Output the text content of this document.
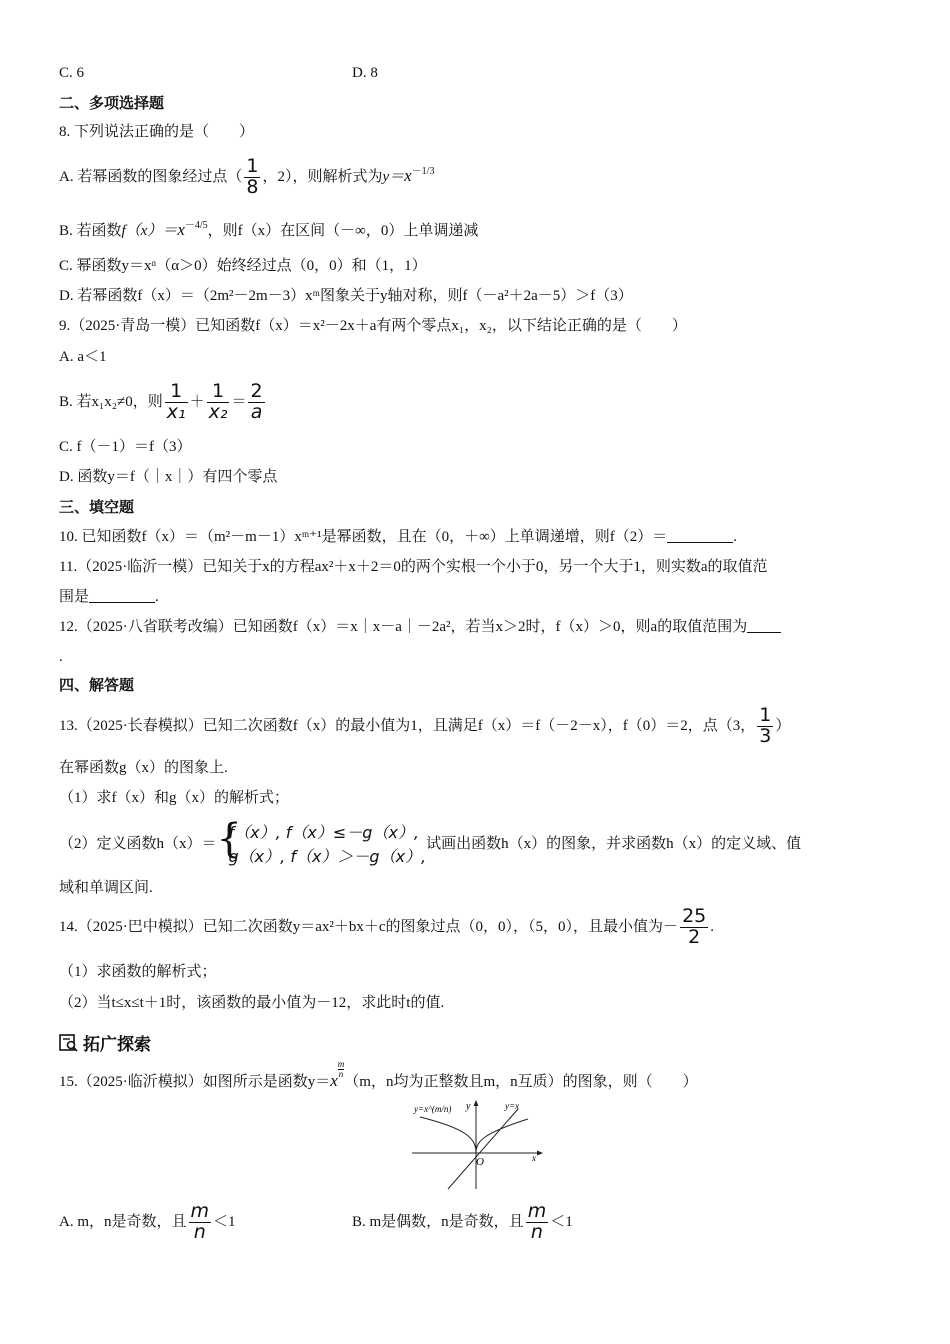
C. 6	D. 8
二、多项选择题
8. 下列说法正确的是（　　）
A. 若幂函数的图象经过点（ $\frac{1}{8}$ ，2），则解析式为$y=x^{-1/3}$
B. 若函数$f(x)=x^{-4/5}$，则f（x）在区间（－∞，0）上单调递减
C. 幂函数y＝xᵅ（α＞0）始终经过点（0，0）和（1，1）
D. 若幂函数f（x）＝（2m²－2m－3）xᵐ图象关于y轴对称，则f（－a²＋2a－5）＞f（3）
9.（2025·青岛一模）已知函数f（x）＝x²－2x＋a有两个零点x₁，x₂，以下结论正确的是（　　）
A. a＜1
B. 若x₁x₂≠0，则 $\frac{1}{\text{x₁}} + \frac{1}{\text{x₂}} = \frac{2}{a}$
C. f（－1）＝f（3）
D. 函数y＝f（｜x｜）有四个零点
三、填空题
10. 已知函数f（x）＝（m²－m－1）xᵐ⁺¹是幂函数，且在（0，＋∞）上单调递增，则f（2）＝	.
11.（2025·临沂一模）已知关于x的方程ax²＋x＋2＝0的两个实根一个小于0，另一个大于1，则实数a的取值范
围是	.
12.（2025·八省联考改编）已知函数f（x）＝x｜x－a｜－2a²，若当x＞2时，f（x）＞0，则a的取值范围为
.
四、解答题
13.（2025·长春模拟）已知二次函数f（x）的最小值为1，且满足f（x）＝f（－2－x），f（0）＝2，点（3， $\frac{1}{3}$ ）
在幂函数g（x）的图象上.
（1）求f（x）和g（x）的解析式；
（2）定义函数h（x）＝ {
f（x）, f（x）≤－g（x）,
g（x）, f（x）＞－g（x）,
试画出函数h（x）的图象，并求函数h（x）的定义域、值
域和单调区间.
14.（2025·巴中模拟）已知二次函数y＝ax²＋bx＋c的图象过点（0，0），（5，0），且最小值为－ $\frac{25}{2}$ .
（1）求函数的解析式；
（2）当t≤x≤t＋1时，该函数的最小值为－12，求此时t的值.
拓广探索
15.（2025·临沂模拟）如图所示是函数y＝x
$\frac{m}{n}$
（m，n均为正整数且m，n互质）的图象，则（　　）
y=x^(m/n)	y=x
y
x
O
A. m，n是奇数，且 $\frac{m}{n} <1$	B. m是偶数，n是奇数，且 $\frac{m}{n} <1$
